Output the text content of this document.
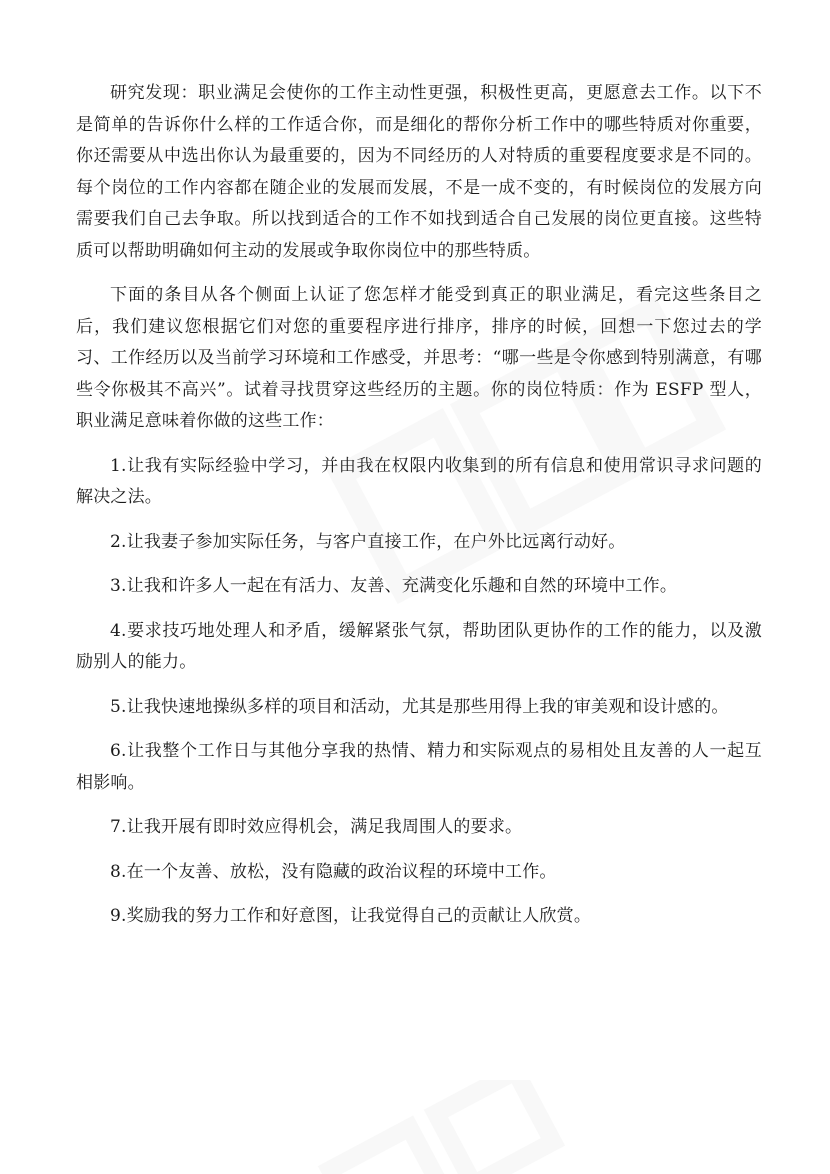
研究发现：职业满足会使你的工作主动性更强，积极性更高，更愿意去工作。以下不是简单的告诉你什么样的工作适合你，而是细化的帮你分析工作中的哪些特质对你重要，你还需要从中选出你认为最重要的，因为不同经历的人对特质的重要程度要求是不同的。每个岗位的工作内容都在随企业的发展而发展，不是一成不变的，有时候岗位的发展方向需要我们自己去争取。所以找到适合的工作不如找到适合自己发展的岗位更直接。这些特质可以帮助明确如何主动的发展或争取你岗位中的那些特质。

下面的条目从各个侧面上认证了您怎样才能受到真正的职业满足，看完这些条目之后，我们建议您根据它们对您的重要程序进行排序，排序的时候，回想一下您过去的学习、工作经历以及当前学习环境和工作感受，并思考：“哪一些是令你感到特别满意，有哪些令你极其不高兴”。试着寻找贯穿这些经历的主题。你的岗位特质：作为 ESFP 型人，职业满足意味着你做的这些工作：

1.让我有实际经验中学习，并由我在权限内收集到的所有信息和使用常识寻求问题的解决之法。
2.让我妻子参加实际任务，与客户直接工作，在户外比远离行动好。
3.让我和许多人一起在有活力、友善、充满变化乐趣和自然的环境中工作。
4.要求技巧地处理人和矛盾，缓解紧张气氛，帮助团队更协作的工作的能力，以及激励别人的能力。
5.让我快速地操纵多样的项目和活动，尤其是那些用得上我的审美观和设计感的。
6.让我整个工作日与其他分享我的热情、精力和实际观点的易相处且友善的人一起互相影响。
7.让我开展有即时效应得机会，满足我周围人的要求。
8.在一个友善、放松，没有隐藏的政治议程的环境中工作。
9.奖励我的努力工作和好意图，让我觉得自己的贡献让人欣赏。
